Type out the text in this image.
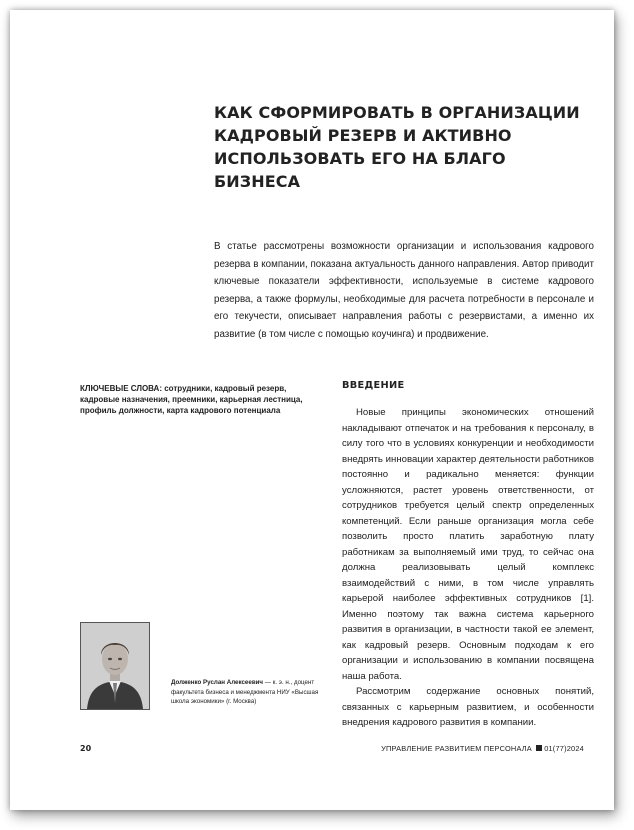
КАК СФОРМИРОВАТЬ В ОРГАНИЗАЦИИ КАДРОВЫЙ РЕЗЕРВ И АКТИВНО ИСПОЛЬЗОВАТЬ ЕГО НА БЛАГО БИЗНЕСА

В статье рассмотрены возможности организации и использования кадрового резерва в компании, показана актуальность данного направления. Автор приводит ключевые показатели эффективности, используемые в системе кадрового резерва, а также формулы, необходимые для расчета потребности в персонале и его текучести, описывает направления работы с резервистами, а именно их развитие (в том числе с помощью коучинга) и продвижение.

КЛЮЧЕВЫЕ СЛОВА: сотрудники, кадровый резерв, кадровые назначения, преемники, карьерная лестница, профиль должности, карта кадрового потенциала

ВВЕДЕНИЕ

Новые принципы экономических отношений накладывают отпечаток и на требования к персоналу, в силу того что в условиях конкуренции и необходимости внедрять инновации характер деятельности работников постоянно и радикально меняется: функции усложняются, растет уровень ответственности, от сотрудников требуется целый спектр определенных компетенций. Если раньше организация могла себе позволить просто платить заработную плату работникам за выполняемый ими труд, то сейчас она должна реализовывать целый комплекс взаимодействий с ними, в том числе управлять карьерой наиболее эффективных сотрудников [1]. Именно поэтому так важна система карьерного развития в организации, в частности такой ее элемент, как кадровый резерв. Основным подходам к его организации и использованию в компании посвящена наша работа.

Рассмотрим содержание основных понятий, связанных с карьерным развитием, и особенности внедрения кадрового развития в компании.

Долженко Руслан Алексеевич — к. э. н., доцент факультета бизнеса и менеджмента НИУ «Высшая школа экономики» (г. Москва)

20	УПРАВЛЕНИЕ РАЗВИТИЕМ ПЕРСОНАЛА 01(77)2024
